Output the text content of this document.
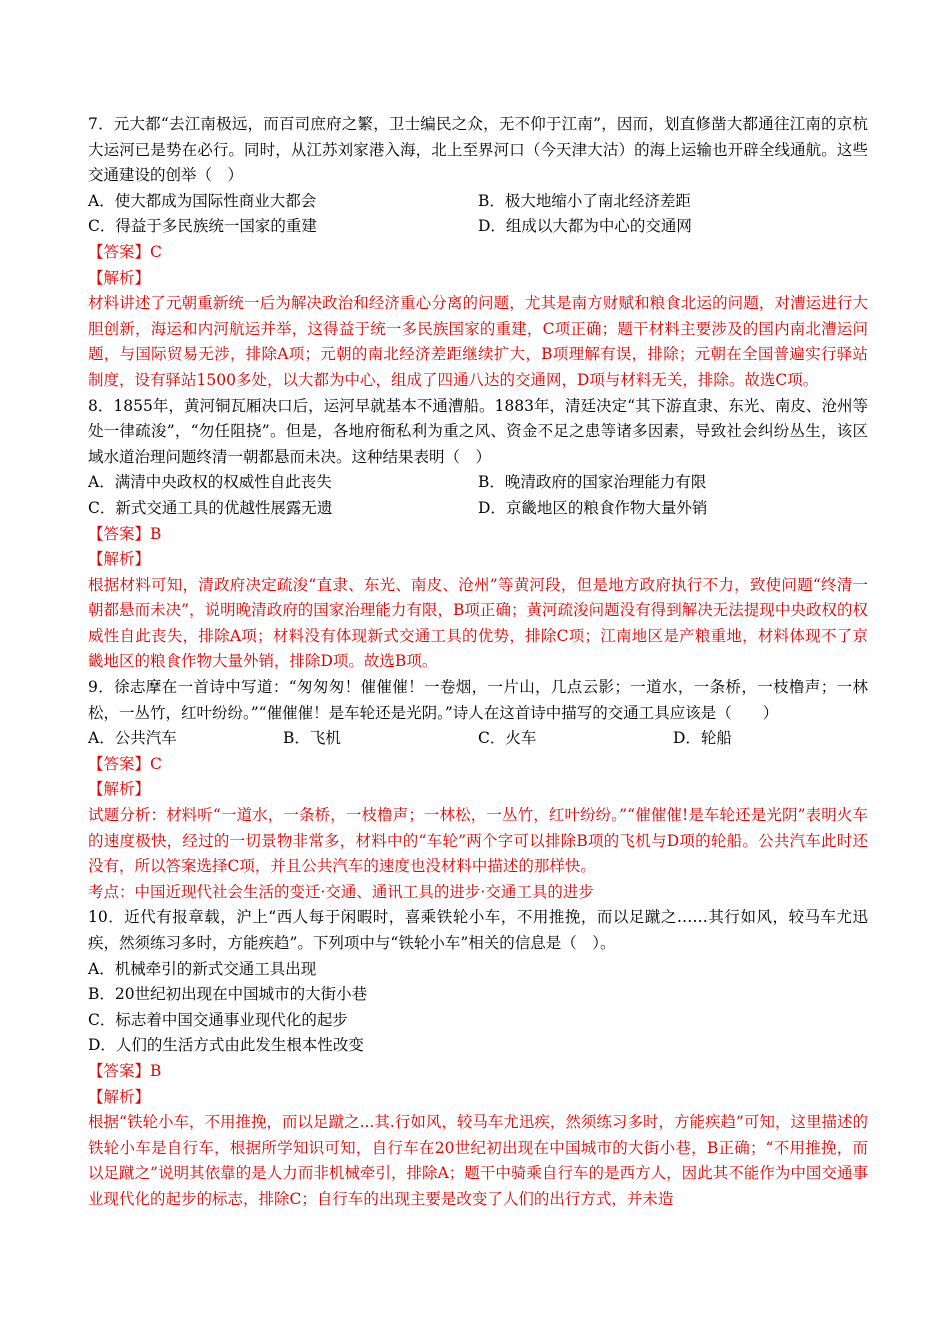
7．元大都“去江南极远，而百司庶府之繁，卫士编民之众，无不仰于江南”，因而，划直修凿大都通往江南的京杭大运河已是势在必行。同时，从江苏刘家港入海，北上至界河口（今天津大沽）的海上运输也开辟全线通航。这些交通建设的创举（　）

A．使大都成为国际性商业大都会	B．极大地缩小了南北经济差距
C．得益于多民族统一国家的重建	D．组成以大都为中心的交通网

【答案】C

【解析】

材料讲述了元朝重新统一后为解决政治和经济重心分离的问题，尤其是南方财赋和粮食北运的问题，对漕运进行大胆创新，海运和内河航运并举，这得益于统一多民族国家的重建，C项正确；题干材料主要涉及的国内南北漕运问题，与国际贸易无涉，排除A项；元朝的南北经济差距继续扩大，B项理解有误，排除；元朝在全国普遍实行驿站制度，设有驿站1500多处，以大都为中心，组成了四通八达的交通网，D项与材料无关，排除。故选C项。

8．1855年，黄河铜瓦厢决口后，运河早就基本不通漕船。1883年，清廷决定“其下游直隶、东光、南皮、沧州等处一律疏浚”，“勿任阻挠”。但是，各地府衙私利为重之风、资金不足之患等诸多因素，导致社会纠纷丛生，该区域水道治理问题终清一朝都悬而未决。这种结果表明（　）

A．满清中央政权的权威性自此丧失	B．晚清政府的国家治理能力有限
C．新式交通工具的优越性展露无遗	D．京畿地区的粮食作物大量外销

【答案】B

【解析】

根据材料可知，清政府决定疏浚“直隶、东光、南皮、沧州”等黄河段，但是地方政府执行不力，致使问题“终清一朝都悬而未决”，说明晚清政府的国家治理能力有限，B项正确；黄河疏浚问题没有得到解决无法提现中央政权的权威性自此丧失，排除A项；材料没有体现新式交通工具的优势，排除C项；江南地区是产粮重地，材料体现不了京畿地区的粮食作物大量外销，排除D项。故选B项。

9．徐志摩在一首诗中写道：“匆匆匆！催催催！一卷烟，一片山，几点云影；一道水，一条桥，一枝橹声；一林松，一丛竹，红叶纷纷。”“催催催！是车轮还是光阴。”诗人在这首诗中描写的交通工具应该是（　　）

A．公共汽车	B．飞机	C．火车	D．轮船

【答案】C

【解析】

试题分析：材料听“一道水，一条桥，一枝橹声；一林松，一丛竹，红叶纷纷。”“催催催!是车轮还是光阴”表明火车的速度极快，经过的一切景物非常多，材料中的“车轮”两个字可以排除B项的飞机与D项的轮船。公共汽车此时还没有，所以答案选择C项，并且公共汽车的速度也没材料中描述的那样快。

考点：中国近现代社会生活的变迁·交通、通讯工具的进步·交通工具的进步

10．近代有报章载，沪上“西人每于闲暇时，喜乘铁轮小车，不用推挽，而以足蹴之……其行如风，较马车尤迅疾，然须练习多时，方能疾趋”。下列项中与“铁轮小车”相关的信息是（　）。

A．机械牵引的新式交通工具出现
B．20世纪初出现在中国城市的大街小巷
C．标志着中国交通事业现代化的起步
D．人们的生活方式由此发生根本性改变

【答案】B

【解析】

根据“铁轮小车，不用推挽，而以足蹴之...其.行如风，较马车尤迅疾，然须练习多时，方能疾趋”可知，这里描述的铁轮小车是自行车，根据所学知识可知，自行车在20世纪初出现在中国城市的大街小巷，B正确；“不用推挽，而以足蹴之”说明其依靠的是人力而非机械牵引，排除A；题干中骑乘自行车的是西方人，因此其不能作为中国交通事业现代化的起步的标志，排除C；自行车的出现主要是改变了人们的出行方式，并未造
